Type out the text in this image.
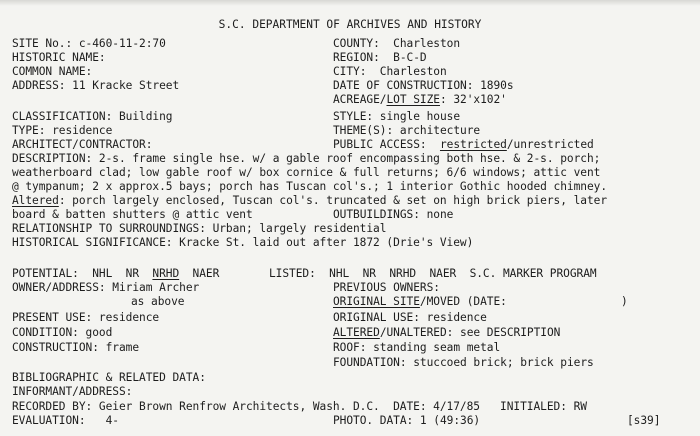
S.C. DEPARTMENT OF ARCHIVES AND HISTORY
SITE No.: c-460-11-2:70
HISTORIC NAME:
COMMON NAME:
ADDRESS: 11 Kracke Street
COUNTY:  Charleston
REGION:  B-C-D
CITY:  Charleston
DATE OF CONSTRUCTION: 1890s
ACREAGE/LOT SIZE: 32'x102'
CLASSIFICATION: Building
TYPE: residence
ARCHITECT/CONTRACTOR:
STYLE: single house
THEME(S): architecture
PUBLIC ACCESS:  restricted/unrestricted
DESCRIPTION: 2-s. frame single hse. w/ a gable roof encompassing both hse. & 2-s. porch;
weatherboard clad; low gable roof w/ box cornice & full returns; 6/6 windows; attic vent
@ tympanum; 2 x approx.5 bays; porch has Tuscan col's.; 1 interior Gothic hooded chimney.
Altered: porch largely enclosed, Tuscan col's. truncated & set on high brick piers, later
board & batten shutters @ attic vent	OUTBUILDINGS: none
RELATIONSHIP TO SURROUNDINGS: Urban; largely residential
HISTORICAL SIGNIFICANCE: Kracke St. laid out after 1872 (Drie's View)
POTENTIAL:  NHL  NR  NRHD  NAER	LISTED:  NHL  NR  NRHD  NAER  S.C. MARKER PROGRAM
OWNER/ADDRESS: Miriam Archer
as above
PREVIOUS OWNERS:
ORIGINAL SITE/MOVED (DATE:	)
PRESENT USE: residence	ORIGINAL USE: residence
CONDITION: good	ALTERED/UNALTERED: see DESCRIPTION
CONSTRUCTION: frame	ROOF: standing seam metal
FOUNDATION: stuccoed brick; brick piers
BIBLIOGRAPHIC & RELATED DATA:
INFORMANT/ADDRESS:
RECORDED BY: Geier Brown Renfrow Architects, Wash. D.C.  DATE: 4/17/85   INITIALED: RW
EVALUATION:   4-	PHOTO. DATA: 1 (49:36)	[s39]
